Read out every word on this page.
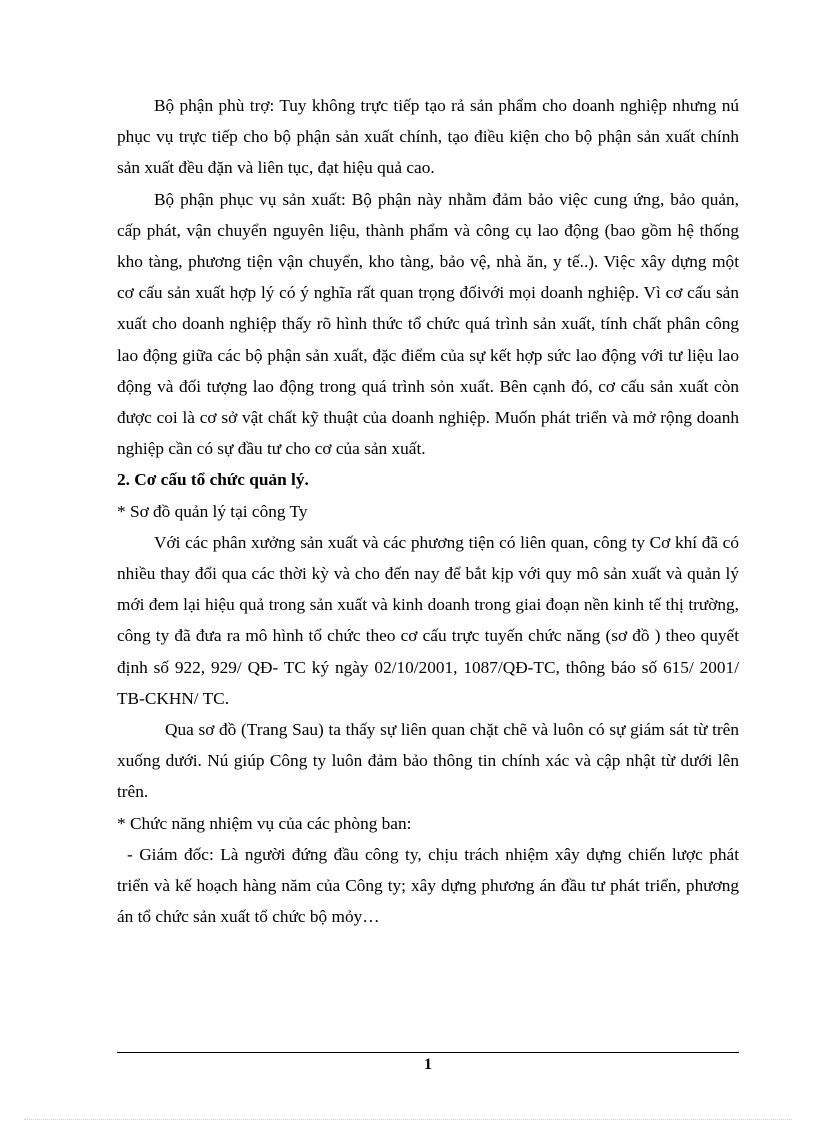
Bộ phận phù trợ: Tuy không trực tiếp tạo rả sản phẩm cho doanh nghiệp nhưng nú phục vụ trực tiếp cho bộ phận sản xuất chính, tạo điều kiện cho bộ phận sản xuất chính sản xuất đều đặn và liên tục, đạt hiệu quả cao.

Bộ phận phục vụ sản xuất: Bộ phận này nhằm đảm bảo việc cung ứng, bảo quản, cấp phát, vận chuyển nguyên liệu, thành phẩm và công cụ lao động (bao gồm hệ thống kho tàng, phương tiện vận chuyển, kho tàng, bảo vệ, nhà ăn, y tế..). Việc xây dựng một cơ cấu sản xuất hợp lý có ý nghĩa rất quan trọng đốivới mọi doanh nghiệp. Vì cơ cấu sản xuất cho doanh nghiệp thấy rõ hình thức tổ chức quá trình sản xuất, tính chất phân công lao động giữa các bộ phận sản xuất, đặc điểm của sự kết hợp sức lao động với tư liệu lao động và đối tượng lao động trong quá trình sỏn xuất. Bên cạnh đó, cơ cấu sản xuất còn được coi là cơ sở vật chất kỹ thuật của doanh nghiệp. Muốn phát triển và mở rộng doanh nghiệp cần có sự đầu tư cho cơ của sản xuất.

2. Cơ cấu tổ chức quản lý.

* Sơ đồ quản lý tại công Ty

Với các phân xưởng sản xuất và các phương tiện có liên quan, công ty Cơ khí đã có nhiều thay đổi qua các thời kỳ và cho đến nay để bắt kịp với quy mô sản xuất và quản lý mới đem lại hiệu quả trong sản xuất và kinh doanh trong giai đoạn nền kinh tế thị trường, công ty đã đưa ra mô hình tổ chức theo cơ cấu trực tuyến chức năng (sơ đồ ) theo quyết định số 922, 929/ QĐ- TC ký ngày 02/10/2001, 1087/QĐ-TC, thông báo số 615/ 2001/ TB-CKHN/ TC.

Qua sơ đồ (Trang Sau) ta thấy sự liên quan chặt chẽ và luôn có sự giám sát từ trên xuống dưới. Nú giúp Công ty luôn đảm bảo thông tin chính xác và cập nhật từ dưới lên trên.

* Chức năng nhiệm vụ của các phòng ban:

- Giám đốc: Là người đứng đầu công ty, chịu trách nhiệm xây dựng chiến lược phát triển và kế hoạch hàng năm của Công ty; xây dựng phương án đầu tư phát triển, phương án tổ chức sản xuất tổ chức bộ mỏy…

1
